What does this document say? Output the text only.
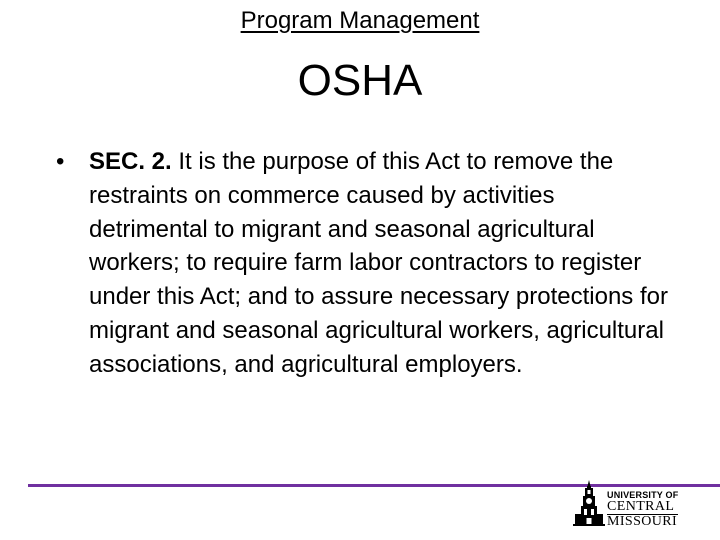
Program Management
OSHA
• SEC. 2. It is the purpose of this Act to remove the restraints on commerce caused by activities detrimental to migrant and seasonal agricultural workers; to require farm labor contractors to register under this Act; and to assure necessary protections for migrant and seasonal agricultural workers, agricultural associations, and agricultural employers.
UNIVERSITY OF
CENTRAL
MISSOURI
